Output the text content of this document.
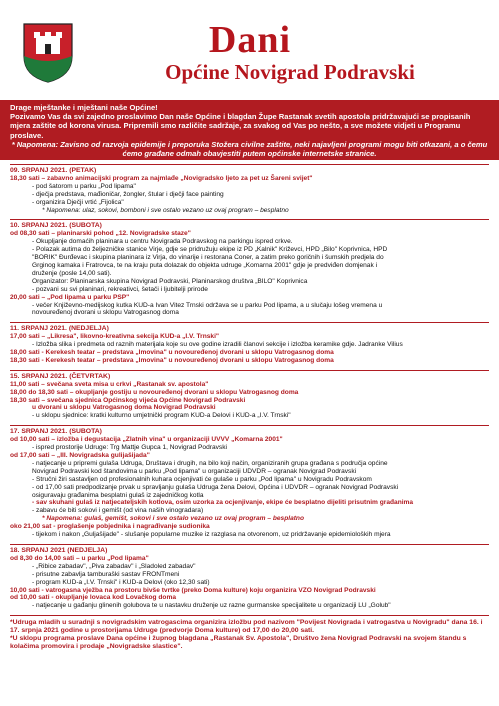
Dani
Općine Novigrad Podravski

Drage mještanke i mještani naše Općine!

Pozivamo Vas da svi zajedno proslavimo Dan naše Općine i blagdan Župe Rastanak svetih apostola pridržavajući se propisanih mjera zaštite od korona virusa. Pripremili smo različite sadržaje, za svakog od Vas po nešto, a sve možete vidjeti u Programu proslave.

* Napomena: Zavisno od razvoja epidemije i preporuka Stožera civilne zaštite, neki najavljeni programi mogu biti otkazani, a o čemu ćemo građane odmah obavjestiti putem općinske internetske stranice.

09. SRPANJ 2021. (PETAK)

18,30 sati – zabavno animacijski program za najmlađe „Novigradsko ljeto za pet uz Šareni svijet"

- pod šatorom u parku „Pod lipama"

- dječja predstava, mađioničar, žongler, štular i dječji face painting

- organizira Dječji vrtić „Fijolica"

* Napomena: ulaz, sokovi, bomboni i sve ostalo vezano uz ovaj program – besplatno

10. SRPANJ 2021. (SUBOTA)

od 08,30 sati – planinarski pohod „12. Novigradske staze"

- Okupljanje domaćih planinara u centru Novigrada Podravskog na parkingu ispred crkve.

- Polazak autima do željezničke stanice Virje, gdje se pridružuju ekipe iz PD „Kalnik" Križevci, HPD „Bilo" Koprivnica, HPD

"BORIK" Đurđevac i skupina planinara iz Virja, do vinarije i restorana Coner, a zatim preko goričnih i šumskih predjela do

Grginog kamaka i Fratrovca, te na kraju puta dolazak do objekta udruge „Komarna 2001" gdje je predviđen domjenak i

druženje (posle 14,00 sati).

Organizator: Planinarska skupina Novigrad Podravski, Planinarskog društva „BILO" Koprivnica

- pozvani su svi planinari, rekreativci, šetači i ljubitelji prirode

20,00 sati – „Pod lipama u parku PSP"

- večer Književno-medijskog kutka KUD-a Ivan Vitez Trnski održava se u parku Pod lipama, a u slučaju lošeg vremena u

novouređenoj dvorani u sklopu Vatrogasnog doma

11. SRPANJ 2021. (NEDJELJA)

17,00 sati – „Likresa", likovno-kreativna sekcija KUD-a „I.V. Trnski"

- Izložba slika i predmeta od raznih materijala koje su ove godine izradili članovi sekcije i izložba keramike gdje. Jadranke Vilius

18,00 sati - Kerekesh teatar – predstava „Imovina" u novouređenoj dvorani u sklopu Vatrogasnog doma

18,30 sati - Kerekesh teatar – predstava „Imovina" u novouređenoj dvorani u sklopu Vatrogasnog doma

15. SRPANJ 2021. (ČETVRTAK)

11,00 sati – svečana sveta misa u crkvi „Rastanak sv. apostola"

18,00 do 18,30 sati – okupljanje gostiju u novouređenoj dvorani u sklopu Vatrogasnog doma

18,30 sati – svečana sjednica Općinskog vijeća Općine Novigrad Podravski

u dvorani u sklopu Vatrogasnog doma Novigrad Podravski

- u sklopu sjednice: kratki kulturno umjetnički program KUD-a Delovi i KUD-a „I.V. Trnski"

17. SRPANJ 2021. (SUBOTA)

od 10,00 sati – izložba i degustacija „Zlatnih vina" u organizaciji UVVV „Komarna 2001"

- ispred prostorije Udruge: Trg Mattje Gupca 1, Novigrad Podravski

od 17,00 sati – „III. Novigradska gulijašijada"

- natjecanje u pripremi gulaša Udruga, Društava i drugih, na bilo koji način, organiziranih grupa građana s područja općine

Novigrad Podravski kod štandovima u parku „Pod lipama" u organizaciji UDVDR – ogranak Novigrad Podravski

- Stručni žiri sastavljen od profesionalnih kuhara ocjenjivati će gulaše u parku „Pod lipama" u Novigradu Podravskom

- od 17,00 sati predpodizanje prvak u spravljanju gulaša Udruga žena Delovi, Općina i UDVDR – ogranak Novigrad Podravski

osiguravaju građanima besplatni gulaš iz zajedničkog kotla

- sav skuhani gulaš iz natjecateljskih kotlova, osim uzorka za ocjenjivanje, ekipe će besplatno dijeliti prisutnim građanima

- zabavu će biti sokovi i gemišt (od vina naših vinogradara)

* Napomena: gulaš, gemišt, sokovi i sve ostalo vezano uz ovaj program – besplatno

oko 21,00 sat - proglašenje pobjednika i nagrađivanje sudionika

- tijekom i nakon „Guljašijade" - slušanje popularne muzike iz razglasa na otvorenom, uz pridržavanje epidemioloških mjera

18. SRPANJ 2021 (NEDJELJA)

od 8,30 do 14,00 sati – u parku „Pod lipama"

- „Ribice zabadav", „Piva zabadav" i „Sladoled zabadav"

- prisutne zabavlja tamburaški sastav FRONTmeni

- program KUD-a „I.V. Trnski" i KUD-a Delovi (oko 12,30 sati)

10,00 sati - vatrogasna vježba na prostoru bivše tvrtke (preko Doma kulture) koju organizira VZO Novigrad Podravski

od 10,00 sati - okupljanje lovaca kod Lovačkog doma

- natjecanje u gađanju glinenih golubova te u nastavku druženje uz razne gurmanske specijalitete u organizaciji LU „Golub"

*Udruga mladih u suradnji s novigradskim vatrogascima organizira izložbu pod nazivom "Povijest Novigrada i vatrogastva u Novigradu" dana 16. i 17. srpnja 2021 godine u prostorijama Udruge (predvorje Doma kulture) od 17,00 do 20,00 sati.

*U sklopu programa proslave Dana općine i župnog blagdana „Rastanak Sv. Apostola", Društvo žena Novigrad Podravski na svojem štandu s kolačima promovira i prodaje „Novigradske slastice".
